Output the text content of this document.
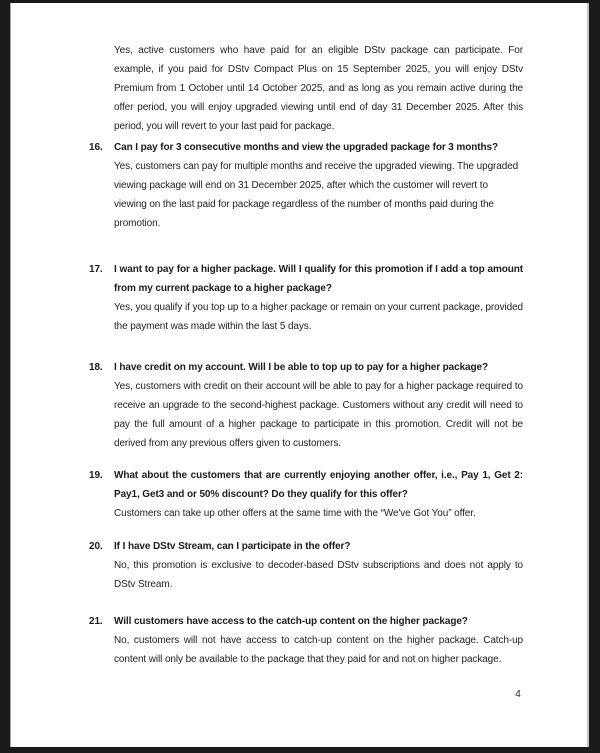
Yes, active customers who have paid for an eligible DStv package can participate. For example, if you paid for DStv Compact Plus on 15 September 2025, you will enjoy DStv Premium from 1 October until 14 October 2025, and as long as you remain active during the offer period, you will enjoy upgraded viewing until end of day 31 December 2025. After this period, you will revert to your last paid for package.

16.	Can I pay for 3 consecutive months and view the upgraded package for 3 months?

Yes, customers can pay for multiple months and receive the upgraded viewing. The upgraded viewing package will end on 31 December 2025, after which the customer will revert to viewing on the last paid for package regardless of the number of months paid during the promotion.

17.	I want to pay for a higher package. Will I qualify for this promotion if I add a top amount from my current package to a higher package?

Yes, you qualify if you top up to a higher package or remain on your current package, provided the payment was made within the last 5 days.

18.	I have credit on my account. Will I be able to top up to pay for a higher package?

Yes, customers with credit on their account will be able to pay for a higher package required to receive an upgrade to the second-highest package. Customers without any credit will need to pay the full amount of a higher package to participate in this promotion. Credit will not be derived from any previous offers given to customers.

19.	What about the customers that are currently enjoying another offer, i.e., Pay 1, Get 2: Pay1, Get3 and or 50% discount? Do they qualify for this offer?

Customers can take up other offers at the same time with the “We've Got You” offer.

20.	If I have DStv Stream, can I participate in the offer?

No, this promotion is exclusive to decoder-based DStv subscriptions and does not apply to DStv Stream.

21.	Will customers have access to the catch-up content on the higher package?

No, customers will not have access to catch-up content on the higher package. Catch-up content will only be available to the package that they paid for and not on higher package.

4
